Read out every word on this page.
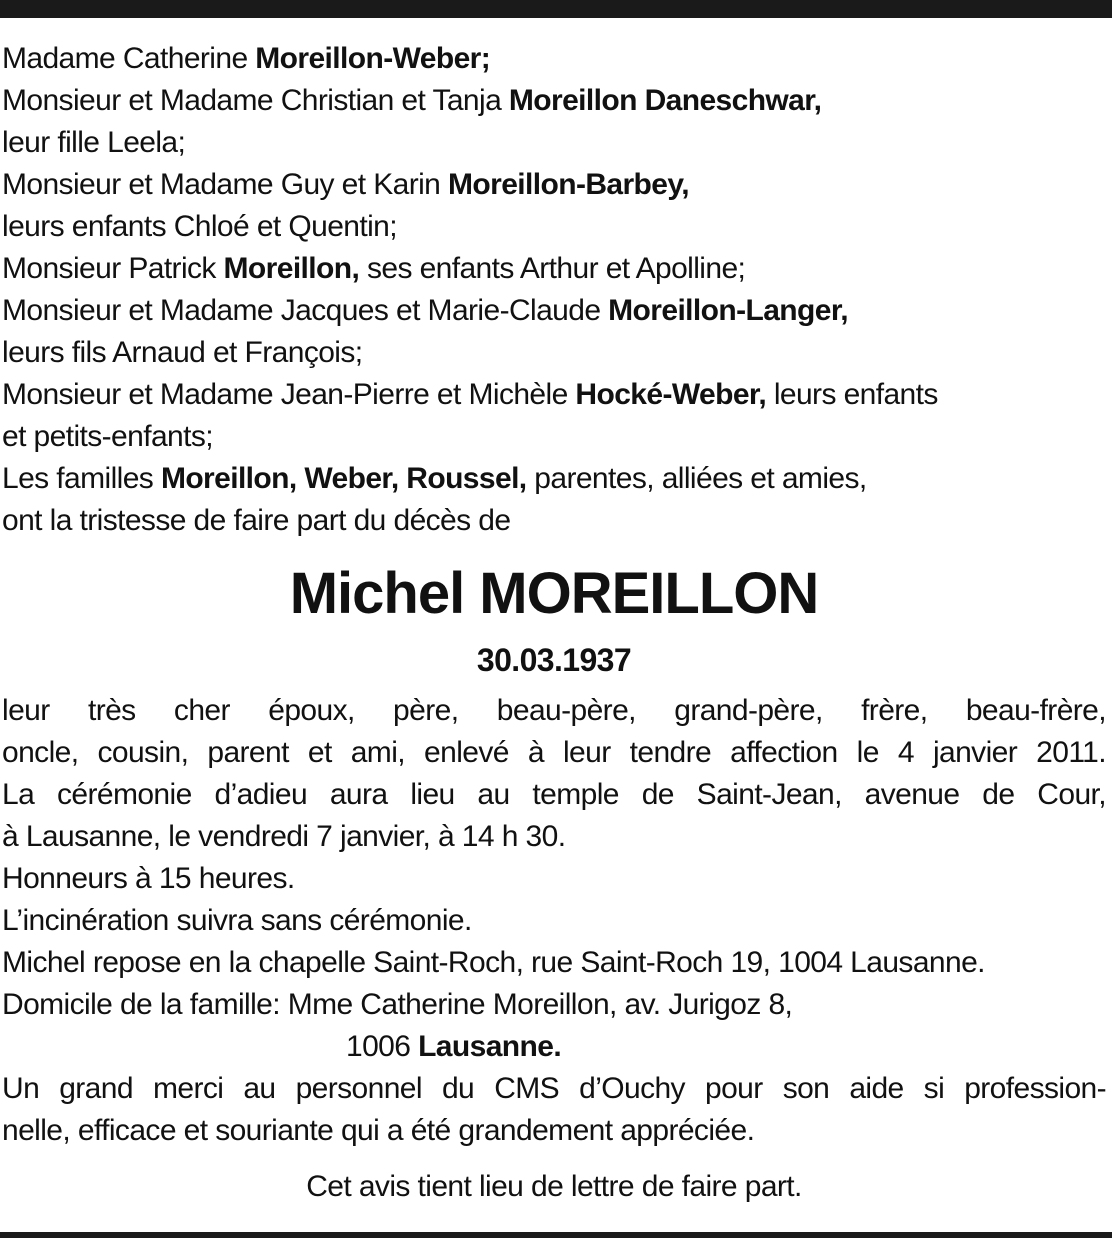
Madame Catherine Moreillon-Weber;
Monsieur et Madame Christian et Tanja Moreillon Daneschwar,
leur fille Leela;
Monsieur et Madame Guy et Karin Moreillon-Barbey,
leurs enfants Chloé et Quentin;
Monsieur Patrick Moreillon, ses enfants Arthur et Apolline;
Monsieur et Madame Jacques et Marie-Claude Moreillon-Langer,
leurs fils Arnaud et François;
Monsieur et Madame Jean-Pierre et Michèle Hocké-Weber, leurs enfants
et petits-enfants;
Les familles Moreillon, Weber, Roussel, parentes, alliées et amies,
ont la tristesse de faire part du décès de
Michel MOREILLON
30.03.1937
leur très cher époux, père, beau-père, grand-père, frère, beau-frère,
oncle, cousin, parent et ami, enlevé à leur tendre affection le 4 janvier 2011.
La cérémonie d’adieu aura lieu au temple de Saint-Jean, avenue de Cour,
à Lausanne, le vendredi 7 janvier, à 14 h 30.
Honneurs à 15 heures.
L’incinération suivra sans cérémonie.
Michel repose en la chapelle Saint-Roch, rue Saint-Roch 19, 1004 Lausanne.
Domicile de la famille: Mme Catherine Moreillon, av. Jurigoz 8,
1006 Lausanne.
Un grand merci au personnel du CMS d’Ouchy pour son aide si profession-
nelle, efficace et souriante qui a été grandement appréciée.
Cet avis tient lieu de lettre de faire part.
